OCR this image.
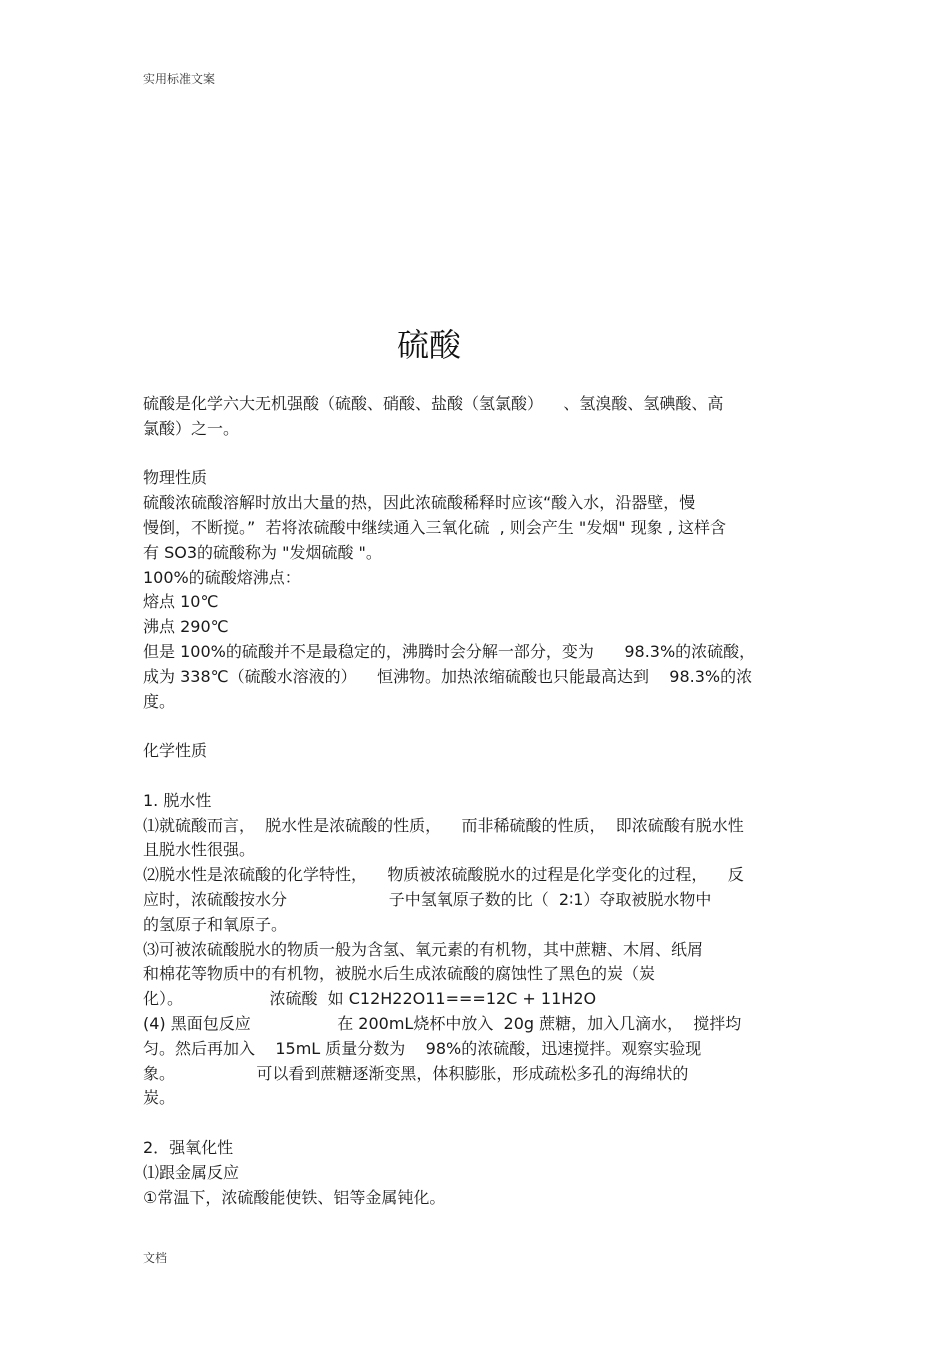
实用标准文案
硫酸

硫酸是化学六大无机强酸（硫酸、硝酸、盐酸（氢氯酸）    、氢溴酸、氢碘酸、高

氯酸）之一。

物理性质

硫酸浓硫酸溶解时放出大量的热，因此浓硫酸稀释时应该“酸入水，沿器壁，慢

慢倒，不断搅。”  若将浓硫酸中继续通入三氧化硫  , 则会产生 "发烟" 现象 , 这样含

有 SO3的硫酸称为 "发烟硫酸 "。

100%的硫酸熔沸点：

熔点 10℃

沸点 290℃

但是 100%的硫酸并不是最稳定的，沸腾时会分解一部分，变为      98.3%的浓硫酸，

成为 338℃（硫酸水溶液的）    恒沸物。加热浓缩硫酸也只能最高达到    98.3%的浓

度。

化学性质

1. 脱水性

⑴就硫酸而言，  脱水性是浓硫酸的性质，    而非稀硫酸的性质，  即浓硫酸有脱水性

且脱水性很强。

⑵脱水性是浓硫酸的化学特性，    物质被浓硫酸脱水的过程是化学变化的过程，    反

应时，浓硫酸按水分                    子中氢氧原子数的比（  2∶1）夺取被脱水物中

的氢原子和氧原子。

⑶可被浓硫酸脱水的物质一般为含氢、氧元素的有机物，其中蔗糖、木屑、纸屑

和棉花等物质中的有机物，被脱水后生成浓硫酸的腐蚀性了黑色的炭（炭

化）。                 浓硫酸  如 C12H22O11===12C + 11H2O

(4) 黑面包反应                 在 200mL烧杯中放入  20g 蔗糖，加入几滴水，  搅拌均

匀。然后再加入    15mL 质量分数为    98%的浓硫酸，迅速搅拌。观察实验现

象。                可以看到蔗糖逐渐变黑，体积膨胀，形成疏松多孔的海绵状的

炭。

2．强氧化性

⑴跟金属反应

①常温下，浓硫酸能使铁、铝等金属钝化。

文档
